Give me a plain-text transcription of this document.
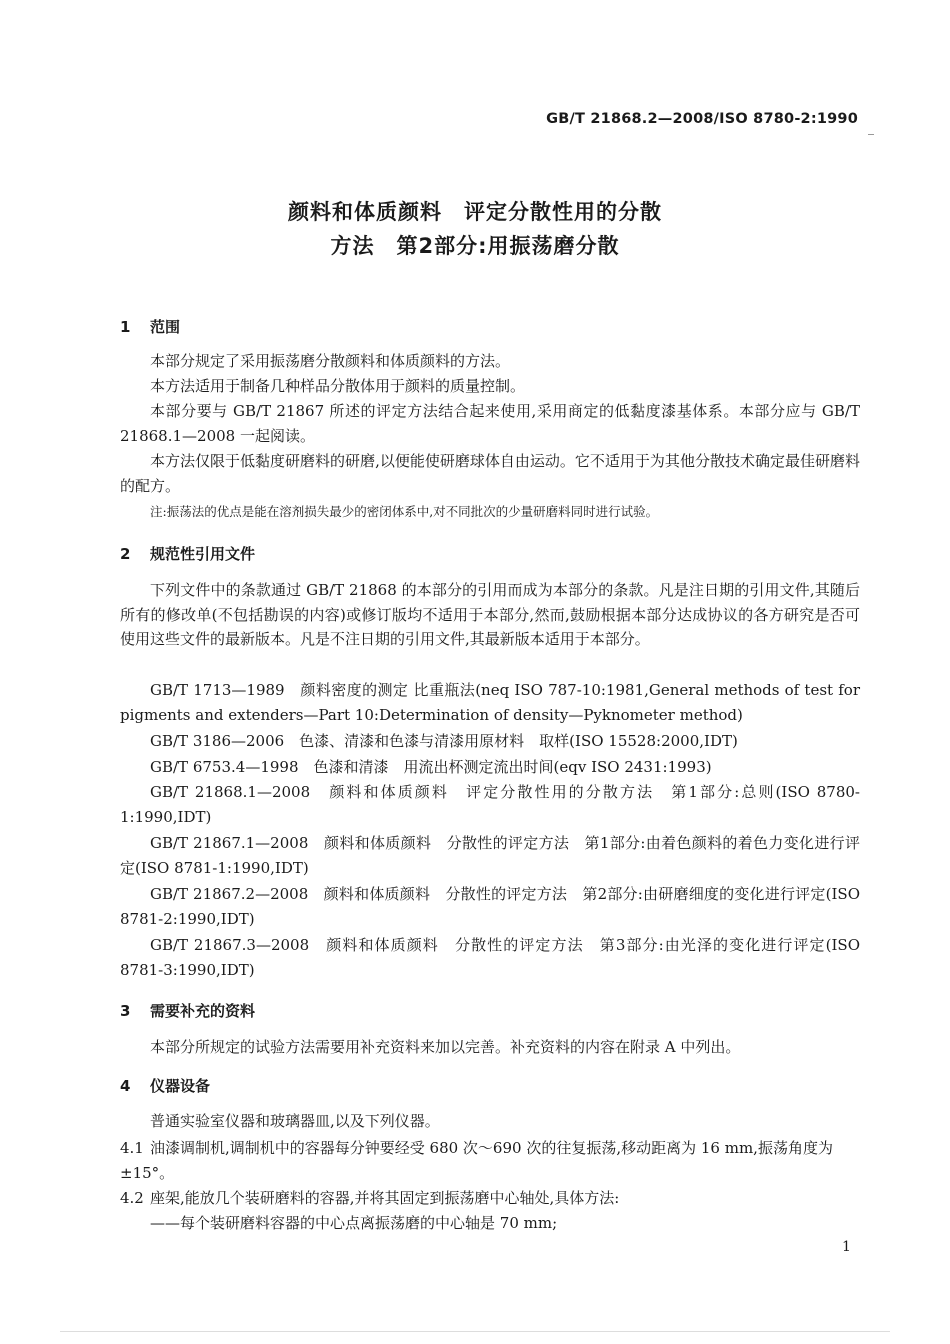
GB/T 21868.2—2008/ISO 8780-2:1990
颜料和体质颜料　评定分散性用的分散
方法　第2部分:用振荡磨分散
1 范围
本部分规定了采用振荡磨分散颜料和体质颜料的方法。
本方法适用于制备几种样品分散体用于颜料的质量控制。
本部分要与 GB/T 21867 所述的评定方法结合起来使用,采用商定的低黏度漆基体系。本部分应与 GB/T 21868.1—2008 一起阅读。
本方法仅限于低黏度研磨料的研磨,以便能使研磨球体自由运动。它不适用于为其他分散技术确定最佳研磨料的配方。
注:振荡法的优点是能在溶剂损失最少的密闭体系中,对不同批次的少量研磨料同时进行试验。
2 规范性引用文件
下列文件中的条款通过 GB/T 21868 的本部分的引用而成为本部分的条款。凡是注日期的引用文件,其随后所有的修改单(不包括勘误的内容)或修订版均不适用于本部分,然而,鼓励根据本部分达成协议的各方研究是否可使用这些文件的最新版本。凡是不注日期的引用文件,其最新版本适用于本部分。
GB/T 1713—1989　颜料密度的测定 比重瓶法(neq ISO 787-10:1981,General methods of test for pigments and extenders—Part 10:Determination of density—Pyknometer method)
GB/T 3186—2006　色漆、清漆和色漆与清漆用原材料　取样(ISO 15528:2000,IDT)
GB/T 6753.4—1998　色漆和清漆　用流出杯测定流出时间(eqv ISO 2431:1993)
GB/T 21868.1—2008　颜料和体质颜料　评定分散性用的分散方法　第1部分:总则(ISO 8780-1:1990,IDT)
GB/T 21867.1—2008　颜料和体质颜料　分散性的评定方法　第1部分:由着色颜料的着色力变化进行评定(ISO 8781-1:1990,IDT)
GB/T 21867.2—2008　颜料和体质颜料　分散性的评定方法　第2部分:由研磨细度的变化进行评定(ISO 8781-2:1990,IDT)
GB/T 21867.3—2008　颜料和体质颜料　分散性的评定方法　第3部分:由光泽的变化进行评定(ISO 8781-3:1990,IDT)
3 需要补充的资料
本部分所规定的试验方法需要用补充资料来加以完善。补充资料的内容在附录 A 中列出。
4 仪器设备
普通实验室仪器和玻璃器皿,以及下列仪器。
4.1 油漆调制机,调制机中的容器每分钟要经受 680 次～690 次的往复振荡,移动距离为 16 mm,振荡角度为±15°。
4.2 座架,能放几个装研磨料的容器,并将其固定到振荡磨中心轴处,具体方法:
——每个装研磨料容器的中心点离振荡磨的中心轴是 70 mm;
1
